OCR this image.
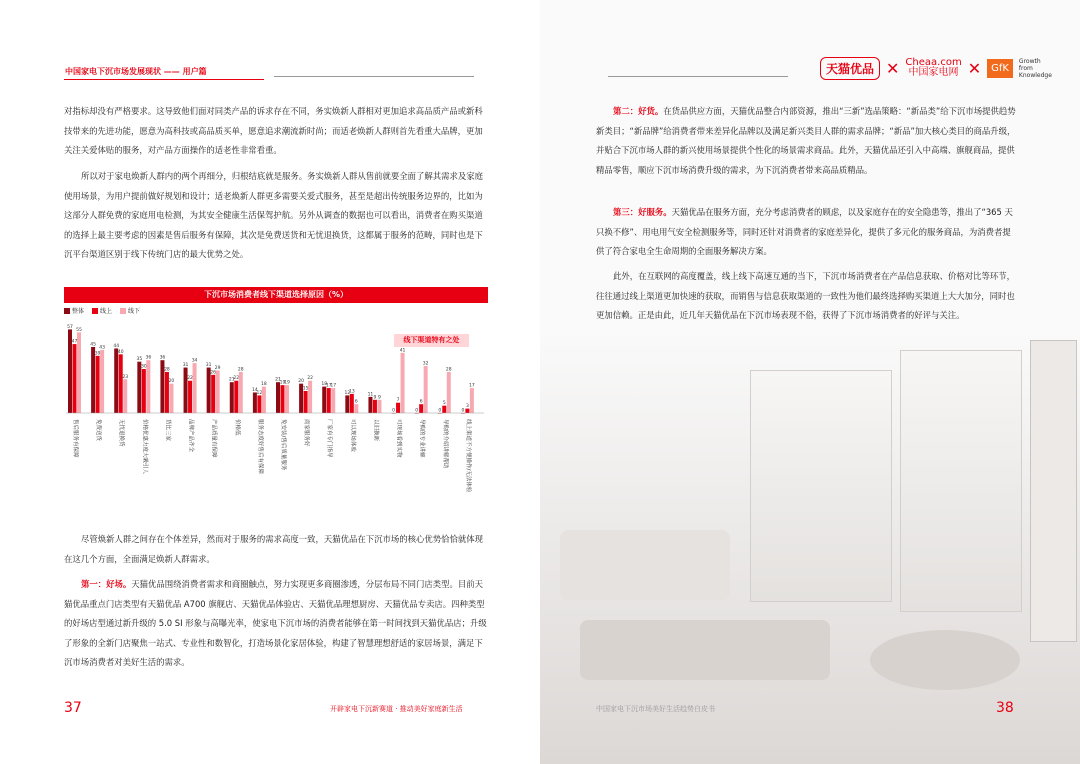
中国家电下沉市场发展现状 —— 用户篇

对指标却没有严格要求。这导致他们面对同类产品的诉求存在不同，务实焕新人群相对更加追求高品质产品或新科技带来的先进功能，愿意为高科技或高品质买单，愿意追求潮流新时尚；而适老焕新人群则首先看重大品牌，更加关注关爱体贴的服务，对产品方面操作的适老性非常看重。

所以对于家电焕新人群内的两个再细分，归根结底就是服务。务实焕新人群从售前就要全面了解其需求及家庭使用场景，为用户提前做好规划和设计；适老焕新人群更多需要关爱式服务，甚至是超出传统服务边界的，比如为这部分人群免费的家庭用电检测，为其安全健康生活保驾护航。另外从调查的数据也可以看出，消费者在购买渠道的选择上最主要考虑的因素是售后服务有保障，其次是免费送货和无忧退换货，这都属于服务的范畴，同时也是下沉平台渠道区别于线下传统门店的最大优势之处。

下沉市场消费者线下渠道选择原因（%）
整体	线上	线下
线下渠道特有之处
57
47
55
售后服务有保障
45
39
43
免费送货
44
40
23
无忧退换货
35
30
36
价格优惠力度大吸引人
36
28
20
货比三家
31
22
34
品牌产品齐全
31
26
29
产品质量有保障
21
22
28
价格低
14
12
18
服务态度好售后有保障
21
19
19
免安装/售后质量服务
20
15
22
商家服务好
18
17
17
厂家有专门指导
12
13
6
可以现场体验
11
9 9
以旧换新
0
7
41
可现场看到实物
0
6
32
导购的专业讲解
0
5
28
导购的介绍讲解帮助
0
3
17
线上渠道不方便操作/无法体验

尽管焕新人群之间存在个体差异，然而对于服务的需求高度一致，天猫优品在下沉市场的核心优势恰恰就体现在这几个方面，全面满足焕新人群需求。

第一：好场。天猫优品围绕消费者需求和商圈触点，努力实现更多商圈渗透，分层布局不同门店类型。目前天猫优品重点门店类型有天猫优品 A700 旗舰店、天猫优品体验店、天猫优品理想厨房、天猫优品专卖店。四种类型的好场店型通过新升级的 5.0 SI 形象与高曝光率，使家电下沉市场的消费者能够在第一时间找到天猫优品店；升级了形象的全新门店聚焦一站式、专业性和数智化，打造场景化家居体验，构建了智慧理想舒适的家居场景，满足下沉市场消费者对美好生活的需求。

37	开辟家电下沉新赛道 · 推动美好家庭新生活
天猫优品 ✕ Cheaa.com
中国家电网 ✕	GfK
Growth from Knowledge

第二：好货。在货品供应方面，天猫优品整合内部资源，推出“三新”选品策略：“新品类”给下沉市场提供趋势新类目；“新品牌”给消费者带来差异化品牌以及满足新兴类目人群的需求品牌；“新品”加大核心类目的商品升级，并贴合下沉市场人群的新兴使用场景提供个性化的场景需求商品。此外，天猫优品还引入中高端、旗舰商品，提供精品零售，顺应下沉市场消费升级的需求，为下沉消费者带来高品质精品。

第三：好服务。天猫优品在服务方面，充分考虑消费者的顾虑，以及家庭存在的安全隐患等，推出了“365 天只换不修”、用电用气安全检测服务等，同时还针对消费者的家庭差异化，提供了多元化的服务商品，为消费者提供了符合家电全生命周期的全面服务解决方案。

此外，在互联网的高度覆盖，线上线下高速互通的当下，下沉市场消费者在产品信息获取、价格对比等环节，往往通过线上渠道更加快速的获取，而销售与信息获取渠道的一致性为他们最终选择购买渠道上大大加分，同时也更加信赖。正是由此，近几年天猫优品在下沉市场表现不俗，获得了下沉市场消费者的好评与关注。

中国家电下沉市场美好生活趋势白皮书	38
